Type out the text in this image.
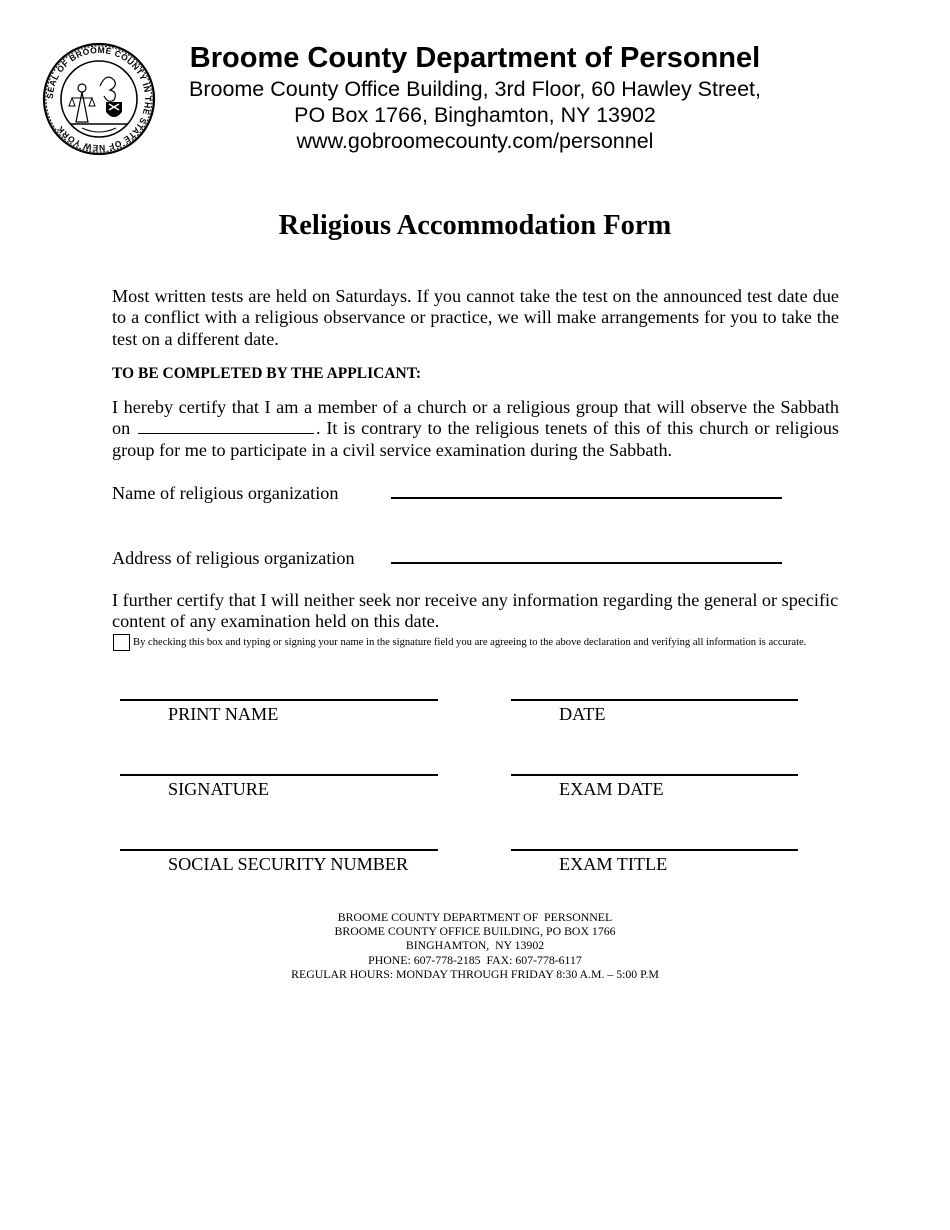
SEAL OF BROOME COUNTY IN THE STATE OF NEW YORK
Broome County Department of Personnel
Broome County Office Building, 3rd Floor, 60 Hawley Street,
PO Box 1766, Binghamton, NY 13902
www.gobroomecounty.com/personnel
Religious Accommodation Form
Most written tests are held on Saturdays. If you cannot take the test on the announced test date due to a conflict with a religious observance or practice, we will make arrangements for you to take the test on a different date.
TO BE COMPLETED BY THE APPLICANT:
I hereby certify that I am a member of a church or a religious group that will observe the Sabbath on	. It is contrary to the religious tenets of this of this church or religious group for me to participate in a civil service examination during the Sabbath.
Name of religious organization
Address of religious organization
I further certify that I will neither seek nor receive any information regarding the general or specific content of any examination held on this date.
By checking this box and typing or signing your name in the signature field you are agreeing to the above declaration and verifying all information is accurate.
PRINT NAME	DATE
SIGNATURE	EXAM DATE
SOCIAL SECURITY NUMBER	EXAM TITLE
BROOME COUNTY DEPARTMENT OF  PERSONNEL
BROOME COUNTY OFFICE BUILDING, PO BOX 1766
BINGHAMTON,  NY 13902
PHONE: 607-778-2185  FAX: 607-778-6117
REGULAR HOURS: MONDAY THROUGH FRIDAY 8:30 A.M. – 5:00 P.M
